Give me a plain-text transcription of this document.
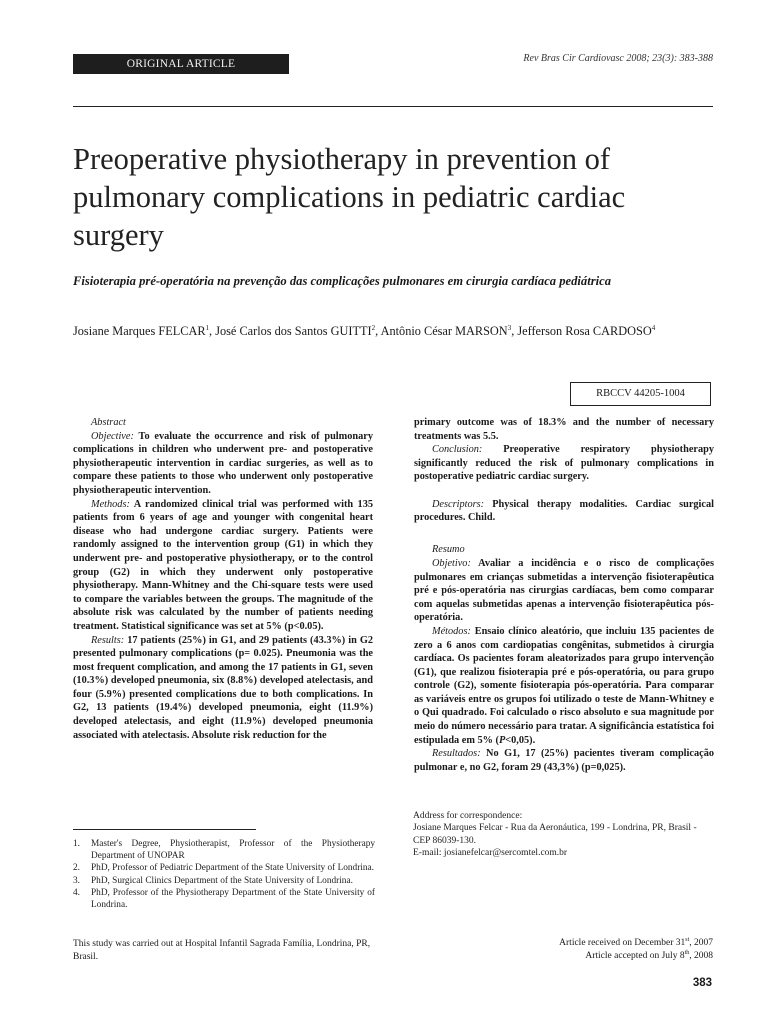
ORIGINAL ARTICLE	Rev Bras Cir Cardiovasc 2008; 23(3): 383-388
Preoperative physiotherapy in prevention of pulmonary complications in pediatric cardiac surgery
Fisioterapia pré-operatória na prevenção das complicações pulmonares em cirurgia cardíaca pediátrica
Josiane Marques FELCAR$^1$, José Carlos dos Santos GUITTI$^2$, Antônio César MARSON$^3$, Jefferson Rosa CARDOSO$^4$
RBCCV 44205-1004

Abstract

Objective: To evaluate the occurrence and risk of pulmonary complications in children who underwent pre- and postoperative physiotherapeutic intervention in cardiac surgeries, as well as to compare these patients to those who underwent only postoperative physiotherapeutic intervention.

Methods: A randomized clinical trial was performed with 135 patients from 6 years of age and younger with congenital heart disease who had undergone cardiac surgery. Patients were randomly assigned to the intervention group (G1) in which they underwent pre- and postoperative physiotherapy, or to the control group (G2) in which they underwent only postoperative physiotherapy. Mann-Whitney and the Chi-square tests were used to compare the variables between the groups. The magnitude of the absolute risk was calculated by the number of patients needing treatment. Statistical significance was set at 5% (p<0.05).

Results: 17 patients (25%) in G1, and 29 patients (43.3%) in G2 presented pulmonary complications (p= 0.025). Pneumonia was the most frequent complication, and among the 17 patients in G1, seven (10.3%) developed pneumonia, six (8.8%) developed atelectasis, and four (5.9%) presented complications due to both complications. In G2, 13 patients (19.4%) developed pneumonia, eight (11.9%) developed atelectasis, and eight (11.9%) developed pneumonia associated with atelectasis. Absolute risk reduction for the

primary outcome was of 18.3% and the number of necessary treatments was 5.5.

Conclusion: Preoperative respiratory physiotherapy significantly reduced the risk of pulmonary complications in postoperative pediatric cardiac surgery.

Descriptors: Physical therapy modalities. Cardiac surgical procedures. Child.

Resumo

Objetivo: Avaliar a incidência e o risco de complicações pulmonares em crianças submetidas a intervenção fisioterapêutica pré e pós-operatória nas cirurgias cardíacas, bem como comparar com aquelas submetidas apenas a intervenção fisioterapêutica pós-operatória.

Métodos: Ensaio clínico aleatório, que incluiu 135 pacientes de zero a 6 anos com cardiopatias congênitas, submetidos à cirurgia cardíaca. Os pacientes foram aleatorizados para grupo intervenção (G1), que realizou fisioterapia pré e pós-operatória, ou para grupo controle (G2), somente fisioterapia pós-operatória. Para comparar as variáveis entre os grupos foi utilizado o teste de Mann-Whitney e o Qui quadrado. Foi calculado o risco absoluto e sua magnitude por meio do número necessário para tratar. A significância estatística foi estipulada em 5% (P<0,05).

Resultados: No G1, 17 (25%) pacientes tiveram complicação pulmonar e, no G2, foram 29 (43,3%) (p=0,025).

1. Master's Degree, Physiotherapist, Professor of the Physiotherapy Department of UNOPAR

2. PhD, Professor of Pediatric Department of the State University of Londrina.

3. PhD, Surgical Clinics Department of the State University of Londrina.

4. PhD, Professor of the Physiotherapy Department of the State University of Londrina.

This study was carried out at Hospital Infantil Sagrada Família, Londrina, PR, Brasil.

Address for correspondence:

Josiane Marques Felcar - Rua da Aeronáutica, 199 - Londrina, PR, Brasil - CEP 86039-130.

E-mail: josianefelcar@sercomtel.com.br

Article received on December 31st, 2007
Article accepted on July 8th, 2008
383
